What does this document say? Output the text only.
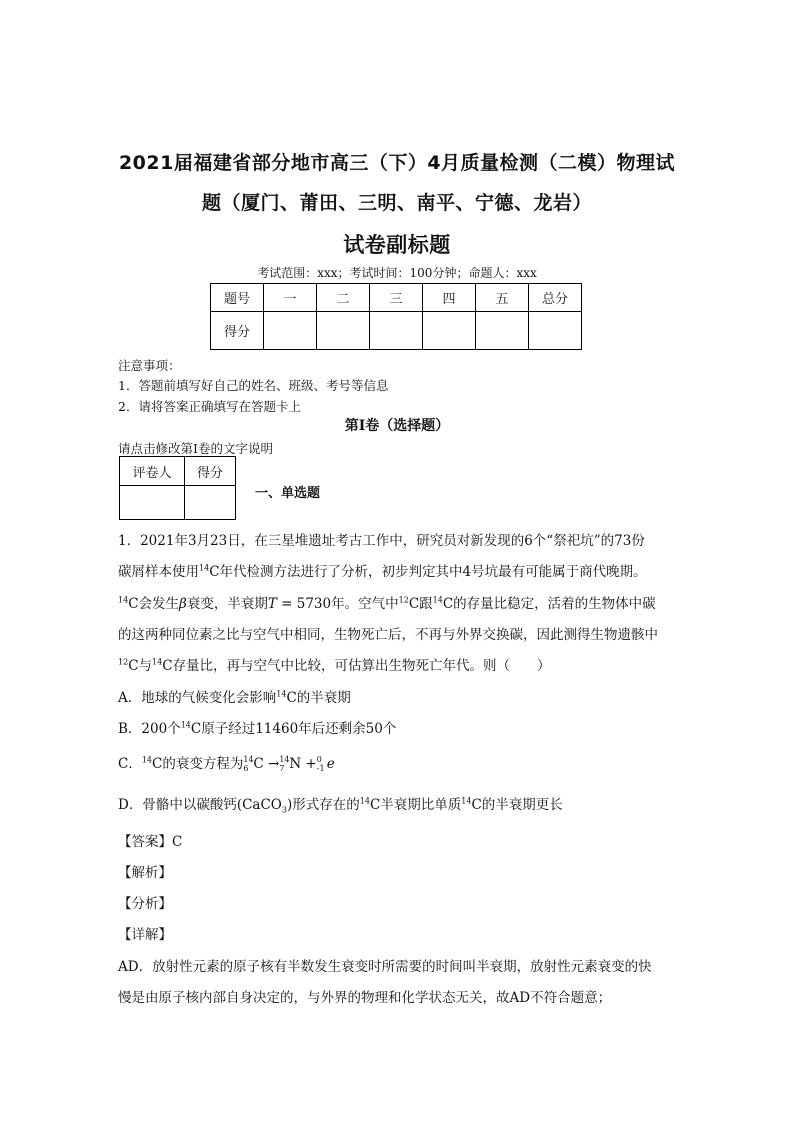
2021届福建省部分地市高三（下）4月质量检测（二模）物理试
题（厦门、莆田、三明、南平、宁德、龙岩）
试卷副标题
考试范围：xxx；考试时间：100分钟；命题人：xxx
题号	一	二	三	四	五	总分
得分						
注意事项：
1．答题前填写好自己的姓名、班级、考号等信息
2．请将答案正确填写在答题卡上
第I卷（选择题）
请点击修改第I卷的文字说明
评卷人	得分

一、单选题
1．2021年3月23日，在三星堆遗址考古工作中，研究员对新发现的6个“祭祀坑”的73份
碳屑样本使用$^{14}$C年代检测方法进行了分析，初步判定其中4号坑最有可能属于商代晚期。
$^{14}$C会发生β衰变，半衰期T = 5730年。空气中$^{12}$C跟$^{14}$C的存量比稳定，活着的生物体中碳
的这两种同位素之比与空气中相同，生物死亡后，不再与外界交换碳，因此测得生物遗骸中
$^{12}$C与$^{14}$C存量比，再与空气中比较，可估算出生物死亡年代。则（　　）
A．地球的气候变化会影响$^{14}$C的半衰期
B．200个$^{14}$C原子经过11460年后还剩余50个
C．$^{14}$C的衰变方程为 14
6 C → 14
7 N + 0
-1 e
D．骨骼中以碳酸钙(CaCO$_3$)形式存在的$^{14}$C半衰期比单质$^{14}$C的半衰期更长
【答案】C
【解析】
【分析】
【详解】
AD．放射性元素的原子核有半数发生衰变时所需要的时间叫半衰期，放射性元素衰变的快
慢是由原子核内部自身决定的，与外界的物理和化学状态无关，故AD不符合题意；
